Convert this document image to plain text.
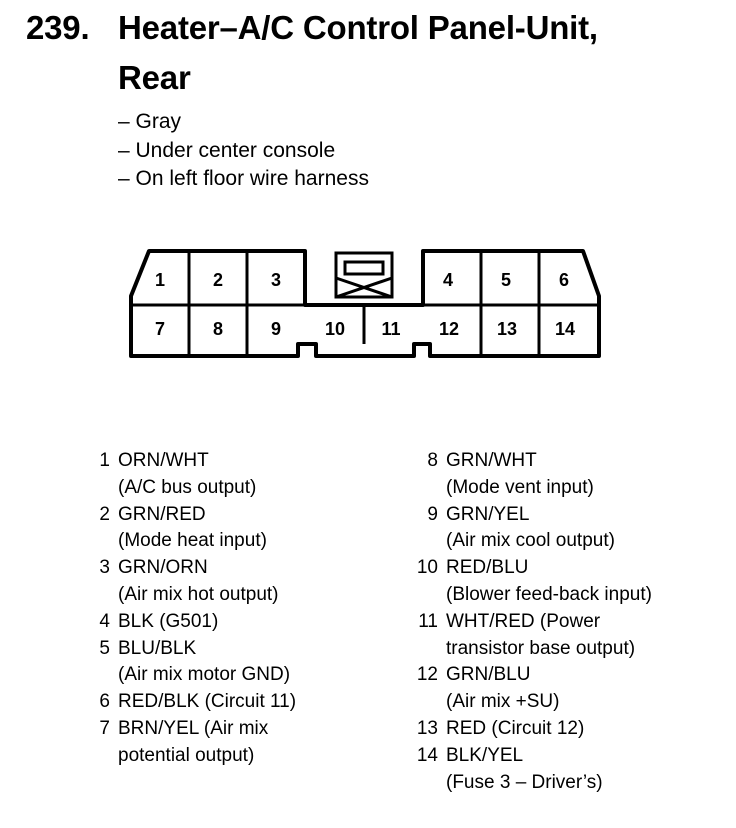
239. Heater–A/C Control Panel-Unit,
Rear
– Gray
– Under center console
– On left floor wire harness
1	2	3	4	5	6
7	8	9 10 11 12 13 14
1 ORN/WHT
(A/C bus output)
2 GRN/RED
(Mode heat input)
3 GRN/ORN
(Air mix hot output)
4 BLK (G501)
5 BLU/BLK
(Air mix motor GND)
6 RED/BLK (Circuit 11)
7 BRN/YEL (Air mix
potential output)
8 GRN/WHT
(Mode vent input)
9 GRN/YEL
(Air mix cool output)
10 RED/BLU
(Blower feed-back input)
11 WHT/RED (Power
transistor base output)
12 GRN/BLU
(Air mix +SU)
13 RED (Circuit 12)
14 BLK/YEL
(Fuse 3 – Driver’s)
